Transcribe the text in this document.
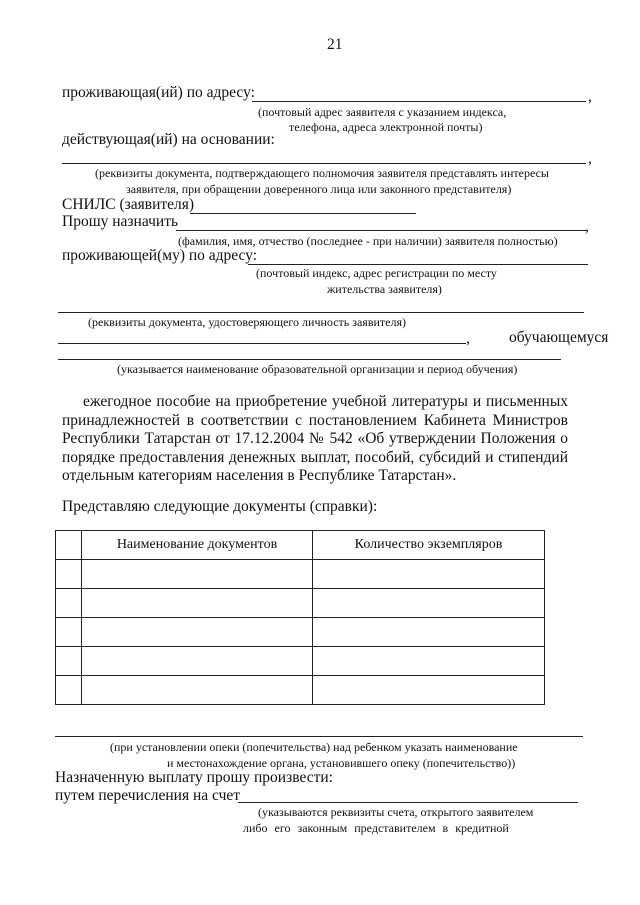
21
проживающая(ий) по адресу:	,
(почтовый адрес заявителя с указанием индекса,
телефона, адреса электронной почты)
действующая(ий) на основании:
,
(реквизиты документа, подтверждающего полномочия заявителя представлять интересы
заявителя, при обращении доверенного лица или законного представителя)
СНИЛС (заявителя)
Прошу назначить	,
(фамилия, имя, отчество (последнее - при наличии) заявителя полностью)
проживающей(му) по адресу:
(почтовый индекс, адрес регистрации по месту
жительства заявителя)
(реквизиты документа, удостоверяющего личность заявителя)
,	обучающемуся
(указывается наименование образовательной организации и период обучения)
ежегодное пособие на приобретение учебной литературы и письменных
принадлежностей в соответствии с постановлением Кабинета Министров
Республики Татарстан от 17.12.2004 № 542 «Об утверждении Положения о
порядке предоставления денежных выплат, пособий, субсидий и стипендий
отдельным категориям населения в Республике Татарстан».
Представляю следующие документы (справки):
	Наименование документов	Количество экземпляров

(при установлении опеки (попечительства) над ребенком указать наименование
и местонахождение органа, установившего опеку (попечительство))
Назначенную выплату прошу произвести:
путем перечисления на счет
(указываются реквизиты счета, открытого заявителем
либо его законным представителем в кредитной
